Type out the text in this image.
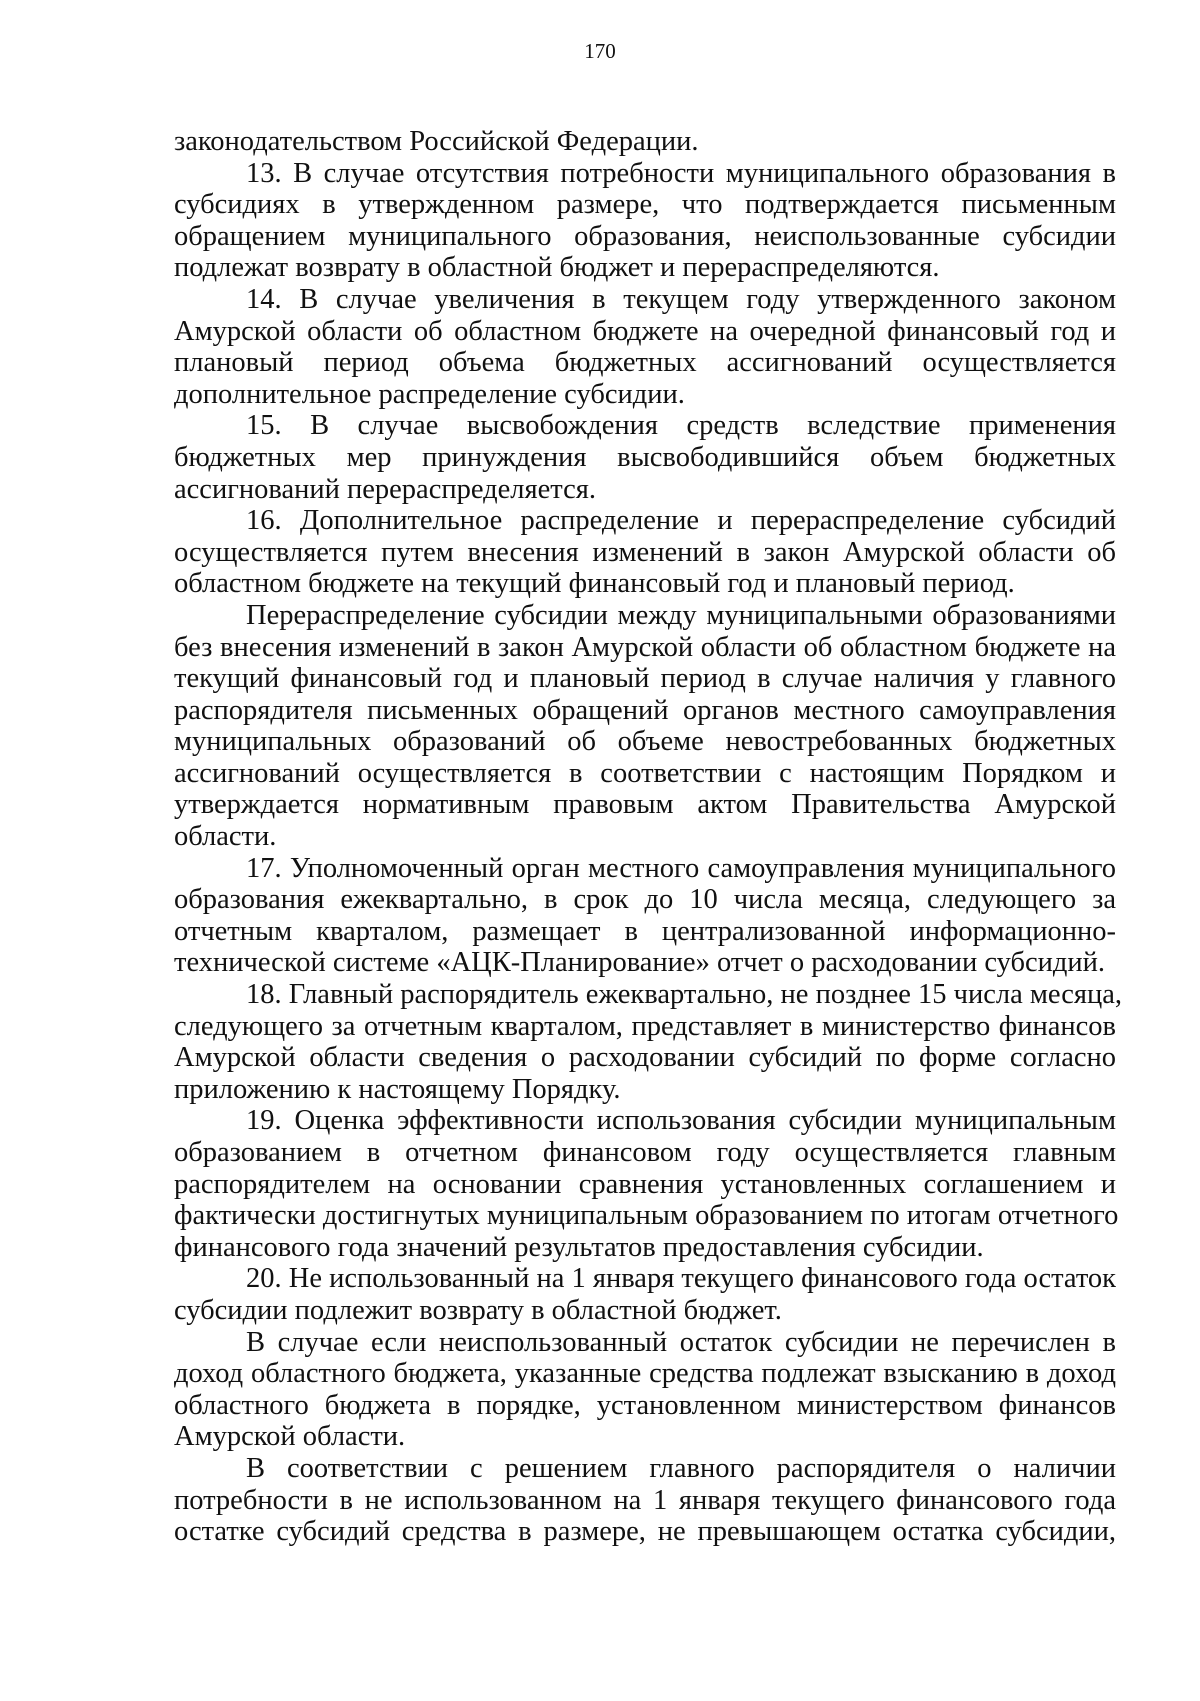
170
законодательством Российской Федерации.
13. В случае отсутствия потребности муниципального образования в
субсидиях в утвержденном размере, что подтверждается письменным
обращением муниципального образования, неиспользованные субсидии
подлежат возврату в областной бюджет и перераспределяются.
14. В случае увеличения в текущем году утвержденного законом
Амурской области об областном бюджете на очередной финансовый год и
плановый период объема бюджетных ассигнований осуществляется
дополнительное распределение субсидии.
15. В случае высвобождения средств вследствие применения
бюджетных мер принуждения высвободившийся объем бюджетных
ассигнований перераспределяется.
16. Дополнительное распределение и перераспределение субсидий
осуществляется путем внесения изменений в закон Амурской области об
областном бюджете на текущий финансовый год и плановый период.
Перераспределение субсидии между муниципальными образованиями
без внесения изменений в закон Амурской области об областном бюджете на
текущий финансовый год и плановый период в случае наличия у главного
распорядителя письменных обращений органов местного самоуправления
муниципальных образований об объеме невостребованных бюджетных
ассигнований осуществляется в соответствии с настоящим Порядком и
утверждается нормативным правовым актом Правительства Амурской
области.
17. Уполномоченный орган местного самоуправления муниципального
образования ежеквартально, в срок до 10 числа месяца, следующего за
отчетным кварталом, размещает в централизованной информационно-
технической системе «АЦК-Планирование» отчет о расходовании субсидий.
18. Главный распорядитель ежеквартально, не позднее 15 числа месяца,
следующего за отчетным кварталом, представляет в министерство финансов
Амурской области сведения о расходовании субсидий по форме согласно
приложению к настоящему Порядку.
19. Оценка эффективности использования субсидии муниципальным
образованием в отчетном финансовом году осуществляется главным
распорядителем на основании сравнения установленных соглашением и
фактически достигнутых муниципальным образованием по итогам отчетного
финансового года значений результатов предоставления субсидии.
20. Не использованный на 1 января текущего финансового года остаток
субсидии подлежит возврату в областной бюджет.
В случае если неиспользованный остаток субсидии не перечислен в
доход областного бюджета, указанные средства подлежат взысканию в доход
областного бюджета в порядке, установленном министерством финансов
Амурской области.
В соответствии с решением главного распорядителя о наличии
потребности в не использованном на 1 января текущего финансового года
остатке субсидий средства в размере, не превышающем остатка субсидии,
